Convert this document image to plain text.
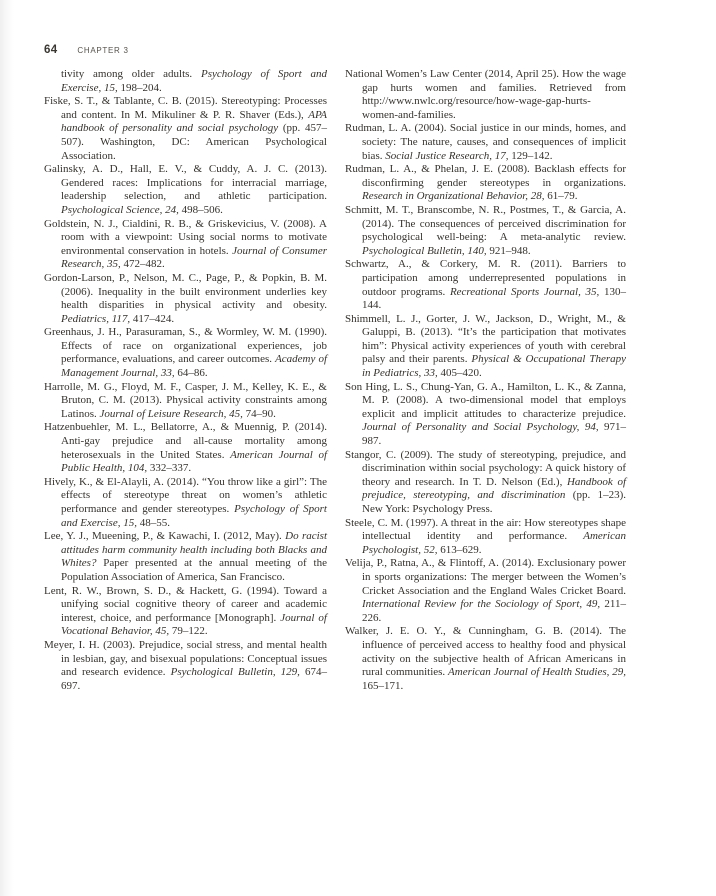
64	CHAPTER 3

tivity among older adults. Psychology of Sport and Exercise, 15, 198–204.

Fiske, S. T., & Tablante, C. B. (2015). Stereotyping: Processes and content. In M. Mikuliner & P. R. Shaver (Eds.), APA handbook of personality and social psychology (pp. 457–507). Washington, DC: American Psychological Association.

Galinsky, A. D., Hall, E. V., & Cuddy, A. J. C. (2013). Gendered races: Implications for interracial marriage, leadership selection, and athletic participation. Psychological Science, 24, 498–506.

Goldstein, N. J., Cialdini, R. B., & Griskevicius, V. (2008). A room with a viewpoint: Using social norms to motivate environmental conservation in hotels. Journal of Consumer Research, 35, 472–482.

Gordon-Larson, P., Nelson, M. C., Page, P., & Popkin, B. M. (2006). Inequality in the built environment underlies key health disparities in physical activity and obesity. Pediatrics, 117, 417–424.

Greenhaus, J. H., Parasuraman, S., & Wormley, W. M. (1990). Effects of race on organizational experiences, job performance, evaluations, and career outcomes. Academy of Management Journal, 33, 64–86.

Harrolle, M. G., Floyd, M. F., Casper, J. M., Kelley, K. E., & Bruton, C. M. (2013). Physical activity constraints among Latinos. Journal of Leisure Research, 45, 74–90.

Hatzenbuehler, M. L., Bellatorre, A., & Muennig, P. (2014). Anti-gay prejudice and all-cause mortality among heterosexuals in the United States. American Journal of Public Health, 104, 332–337.

Hively, K., & El-Alayli, A. (2014). “You throw like a girl”: The effects of stereotype threat on women’s athletic performance and gender stereotypes. Psychology of Sport and Exercise, 15, 48–55.

Lee, Y. J., Mueening, P., & Kawachi, I. (2012, May). Do racist attitudes harm community health including both Blacks and Whites? Paper presented at the annual meeting of the Population Association of America, San Francisco.

Lent, R. W., Brown, S. D., & Hackett, G. (1994). Toward a unifying social cognitive theory of career and academic interest, choice, and performance [Monograph]. Journal of Vocational Behavior, 45, 79–122.

Meyer, I. H. (2003). Prejudice, social stress, and mental health in lesbian, gay, and bisexual populations: Conceptual issues and research evidence. Psychological Bulletin, 129, 674–697.

National Women’s Law Center (2014, April 25). How the wage gap hurts women and families. Retrieved from http://www.nwlc.org/resource/how-wage-gap-hurts-women-and-families.

Rudman, L. A. (2004). Social justice in our minds, homes, and society: The nature, causes, and consequences of implicit bias. Social Justice Research, 17, 129–142.

Rudman, L. A., & Phelan, J. E. (2008). Backlash effects for disconfirming gender stereotypes in organizations. Research in Organizational Behavior, 28, 61–79.

Schmitt, M. T., Branscombe, N. R., Postmes, T., & Garcia, A. (2014). The consequences of perceived discrimination for psychological well-being: A meta-analytic review. Psychological Bulletin, 140, 921–948.

Schwartz, A., & Corkery, M. R. (2011). Barriers to participation among underrepresented populations in outdoor programs. Recreational Sports Journal, 35, 130–144.

Shimmell, L. J., Gorter, J. W., Jackson, D., Wright, M., & Galuppi, B. (2013). “It’s the participation that motivates him”: Physical activity experiences of youth with cerebral palsy and their parents. Physical & Occupational Therapy in Pediatrics, 33, 405–420.

Son Hing, L. S., Chung-Yan, G. A., Hamilton, L. K., & Zanna, M. P. (2008). A two-dimensional model that employs explicit and implicit attitudes to characterize prejudice. Journal of Personality and Social Psychology, 94, 971–987.

Stangor, C. (2009). The study of stereotyping, prejudice, and discrimination within social psychology: A quick history of theory and research. In T. D. Nelson (Ed.), Handbook of prejudice, stereotyping, and discrimination (pp. 1–23). New York: Psychology Press.

Steele, C. M. (1997). A threat in the air: How stereotypes shape intellectual identity and performance. American Psychologist, 52, 613–629.

Velija, P., Ratna, A., & Flintoff, A. (2014). Exclusionary power in sports organizations: The merger between the Women’s Cricket Association and the England Wales Cricket Board. International Review for the Sociology of Sport, 49, 211–226.

Walker, J. E. O. Y., & Cunningham, G. B. (2014). The influence of perceived access to healthy food and physical activity on the subjective health of African Americans in rural communities. American Journal of Health Studies, 29, 165–171.
